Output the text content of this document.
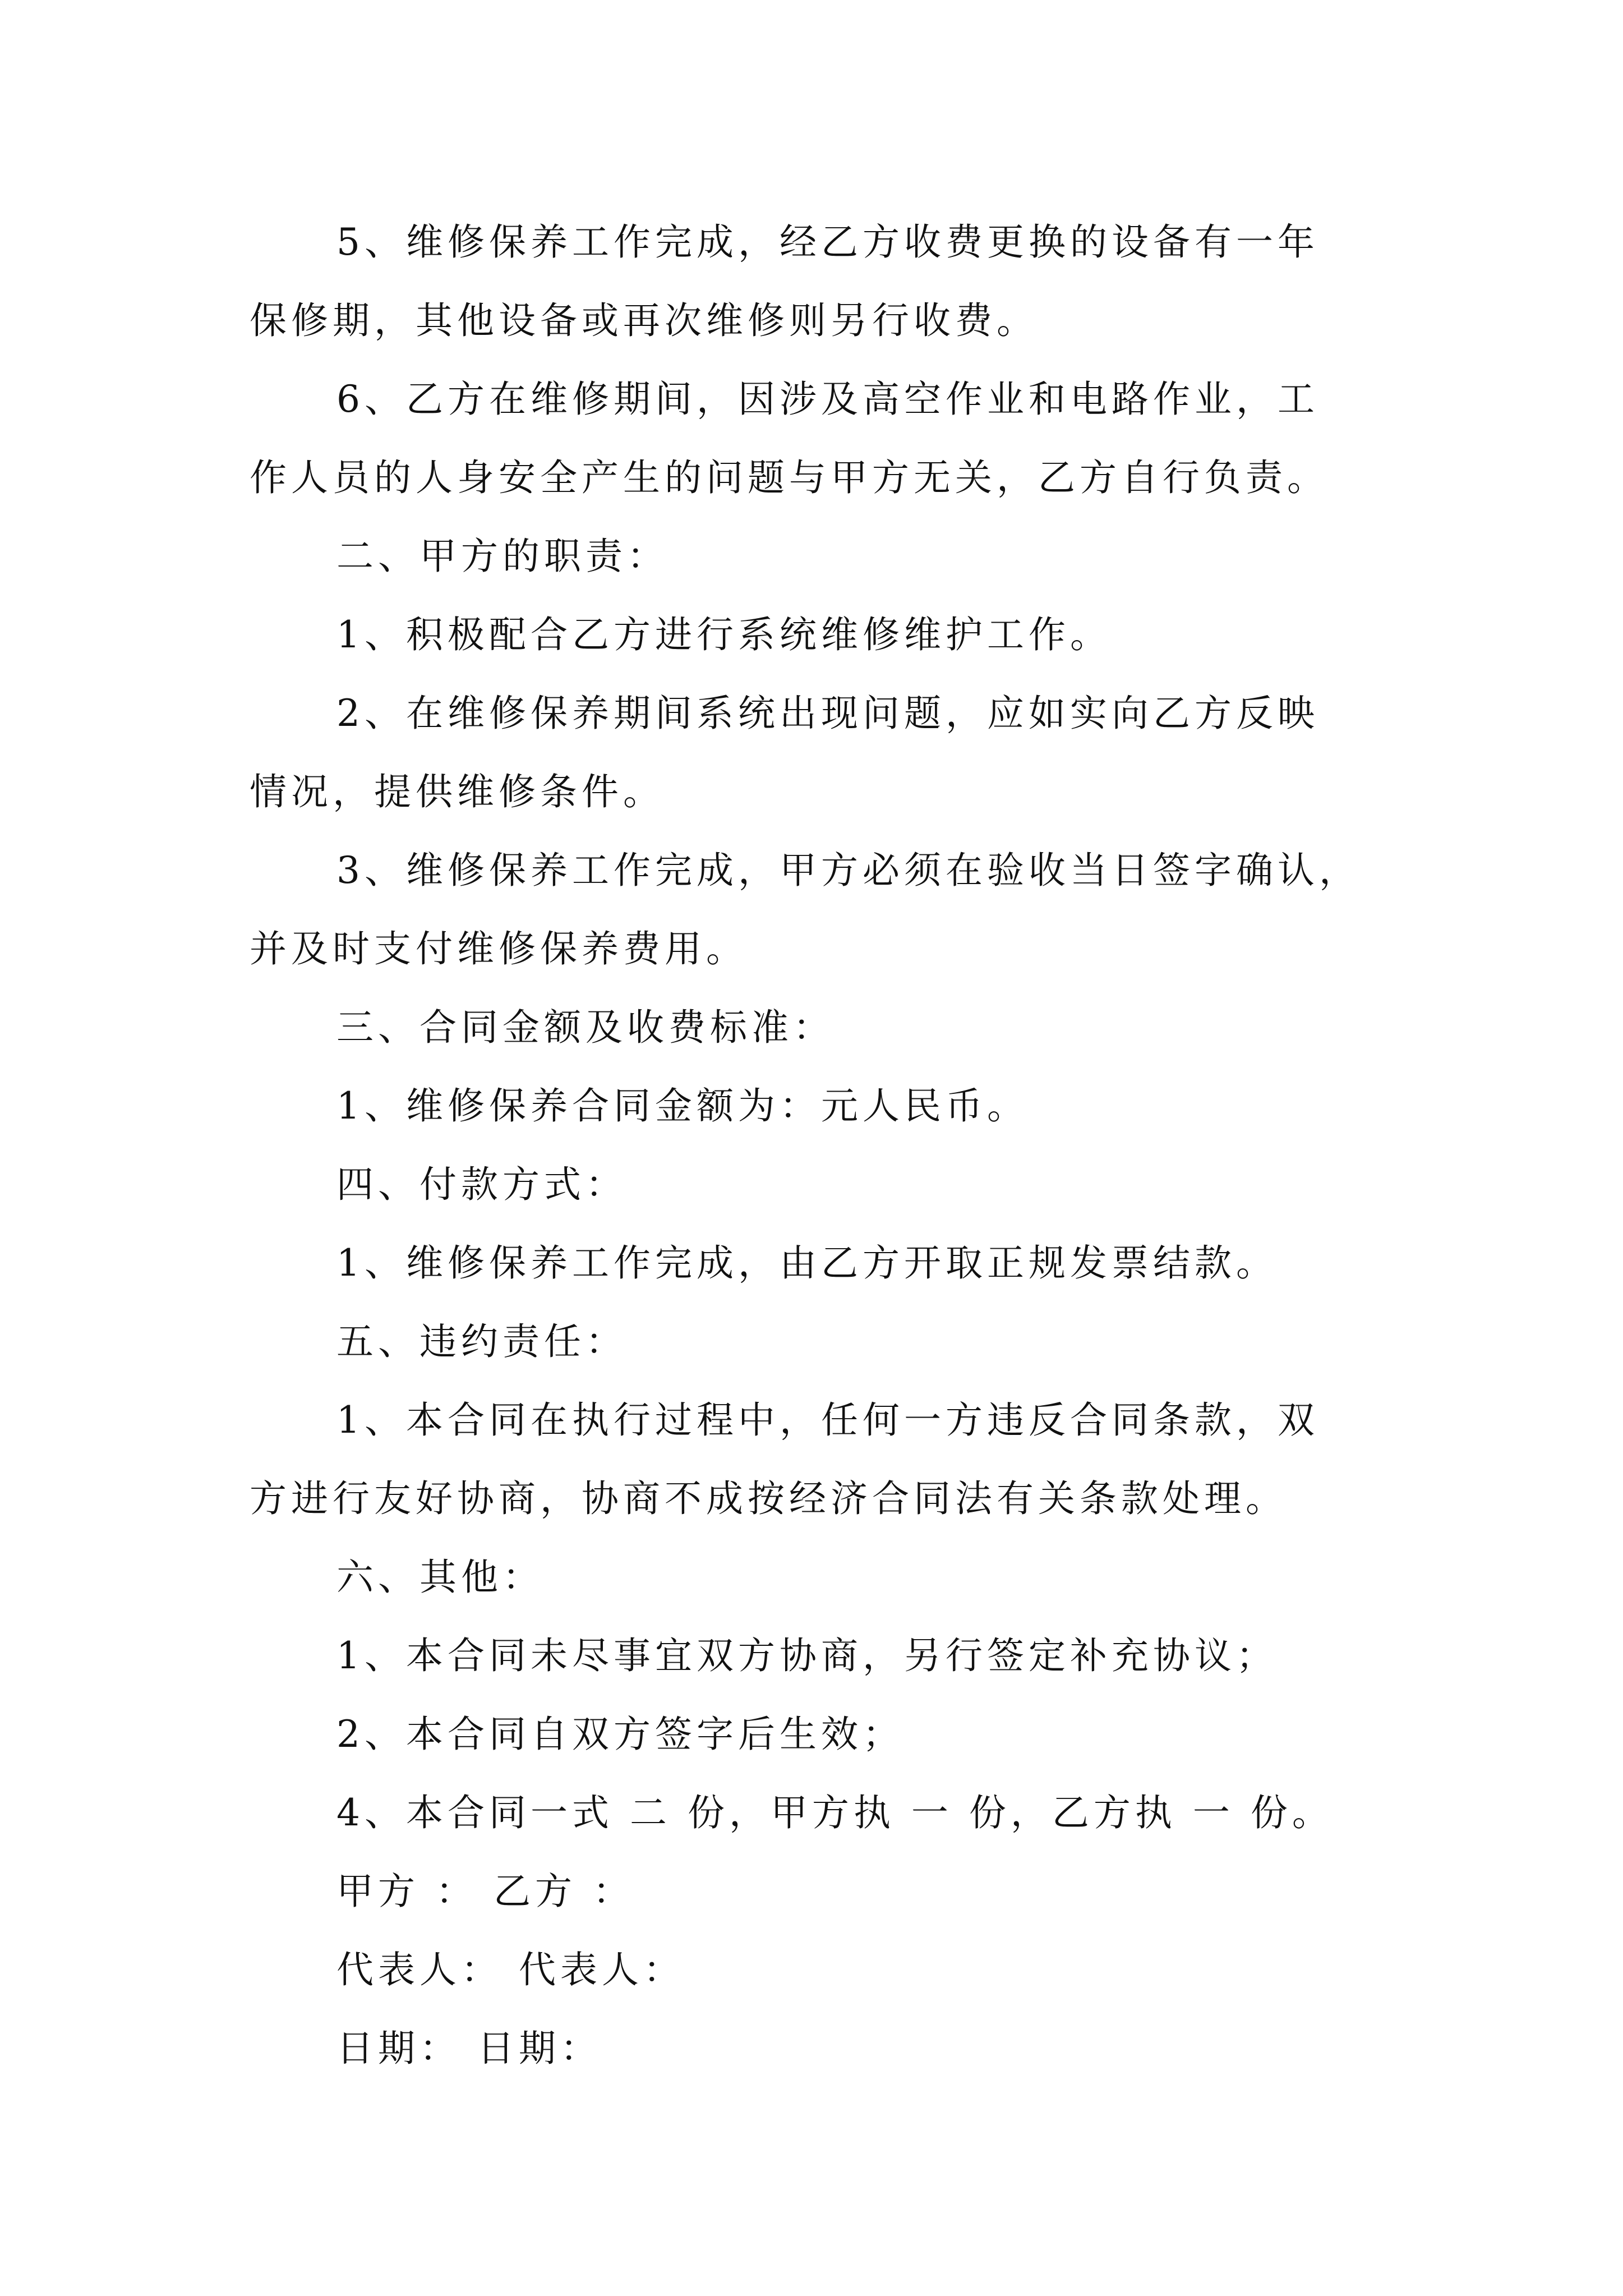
5、维修保养工作完成，经乙方收费更换的设备有一年
保修期，其他设备或再次维修则另行收费。
6、乙方在维修期间，因涉及高空作业和电路作业，工
作人员的人身安全产生的问题与甲方无关，乙方自行负责。
二、甲方的职责：
1、积极配合乙方进行系统维修维护工作。
2、在维修保养期间系统出现问题，应如实向乙方反映
情况，提供维修条件。
3、维修保养工作完成，甲方必须在验收当日签字确认，
并及时支付维修保养费用。
三、合同金额及收费标准：
1、维修保养合同金额为：元人民币。
四、付款方式：
1、维修保养工作完成，由乙方开取正规发票结款。
五、违约责任：
1、本合同在执行过程中，任何一方违反合同条款，双
方进行友好协商，协商不成按经济合同法有关条款处理。
六、其他：
1、本合同未尽事宜双方协商，另行签定补充协议；
2、本合同自双方签字后生效；
4、本合同一式 二 份，甲方执 一 份，乙方执 一 份。
甲方 ： 乙方 ：
代表人： 代表人：
日期： 日期：
